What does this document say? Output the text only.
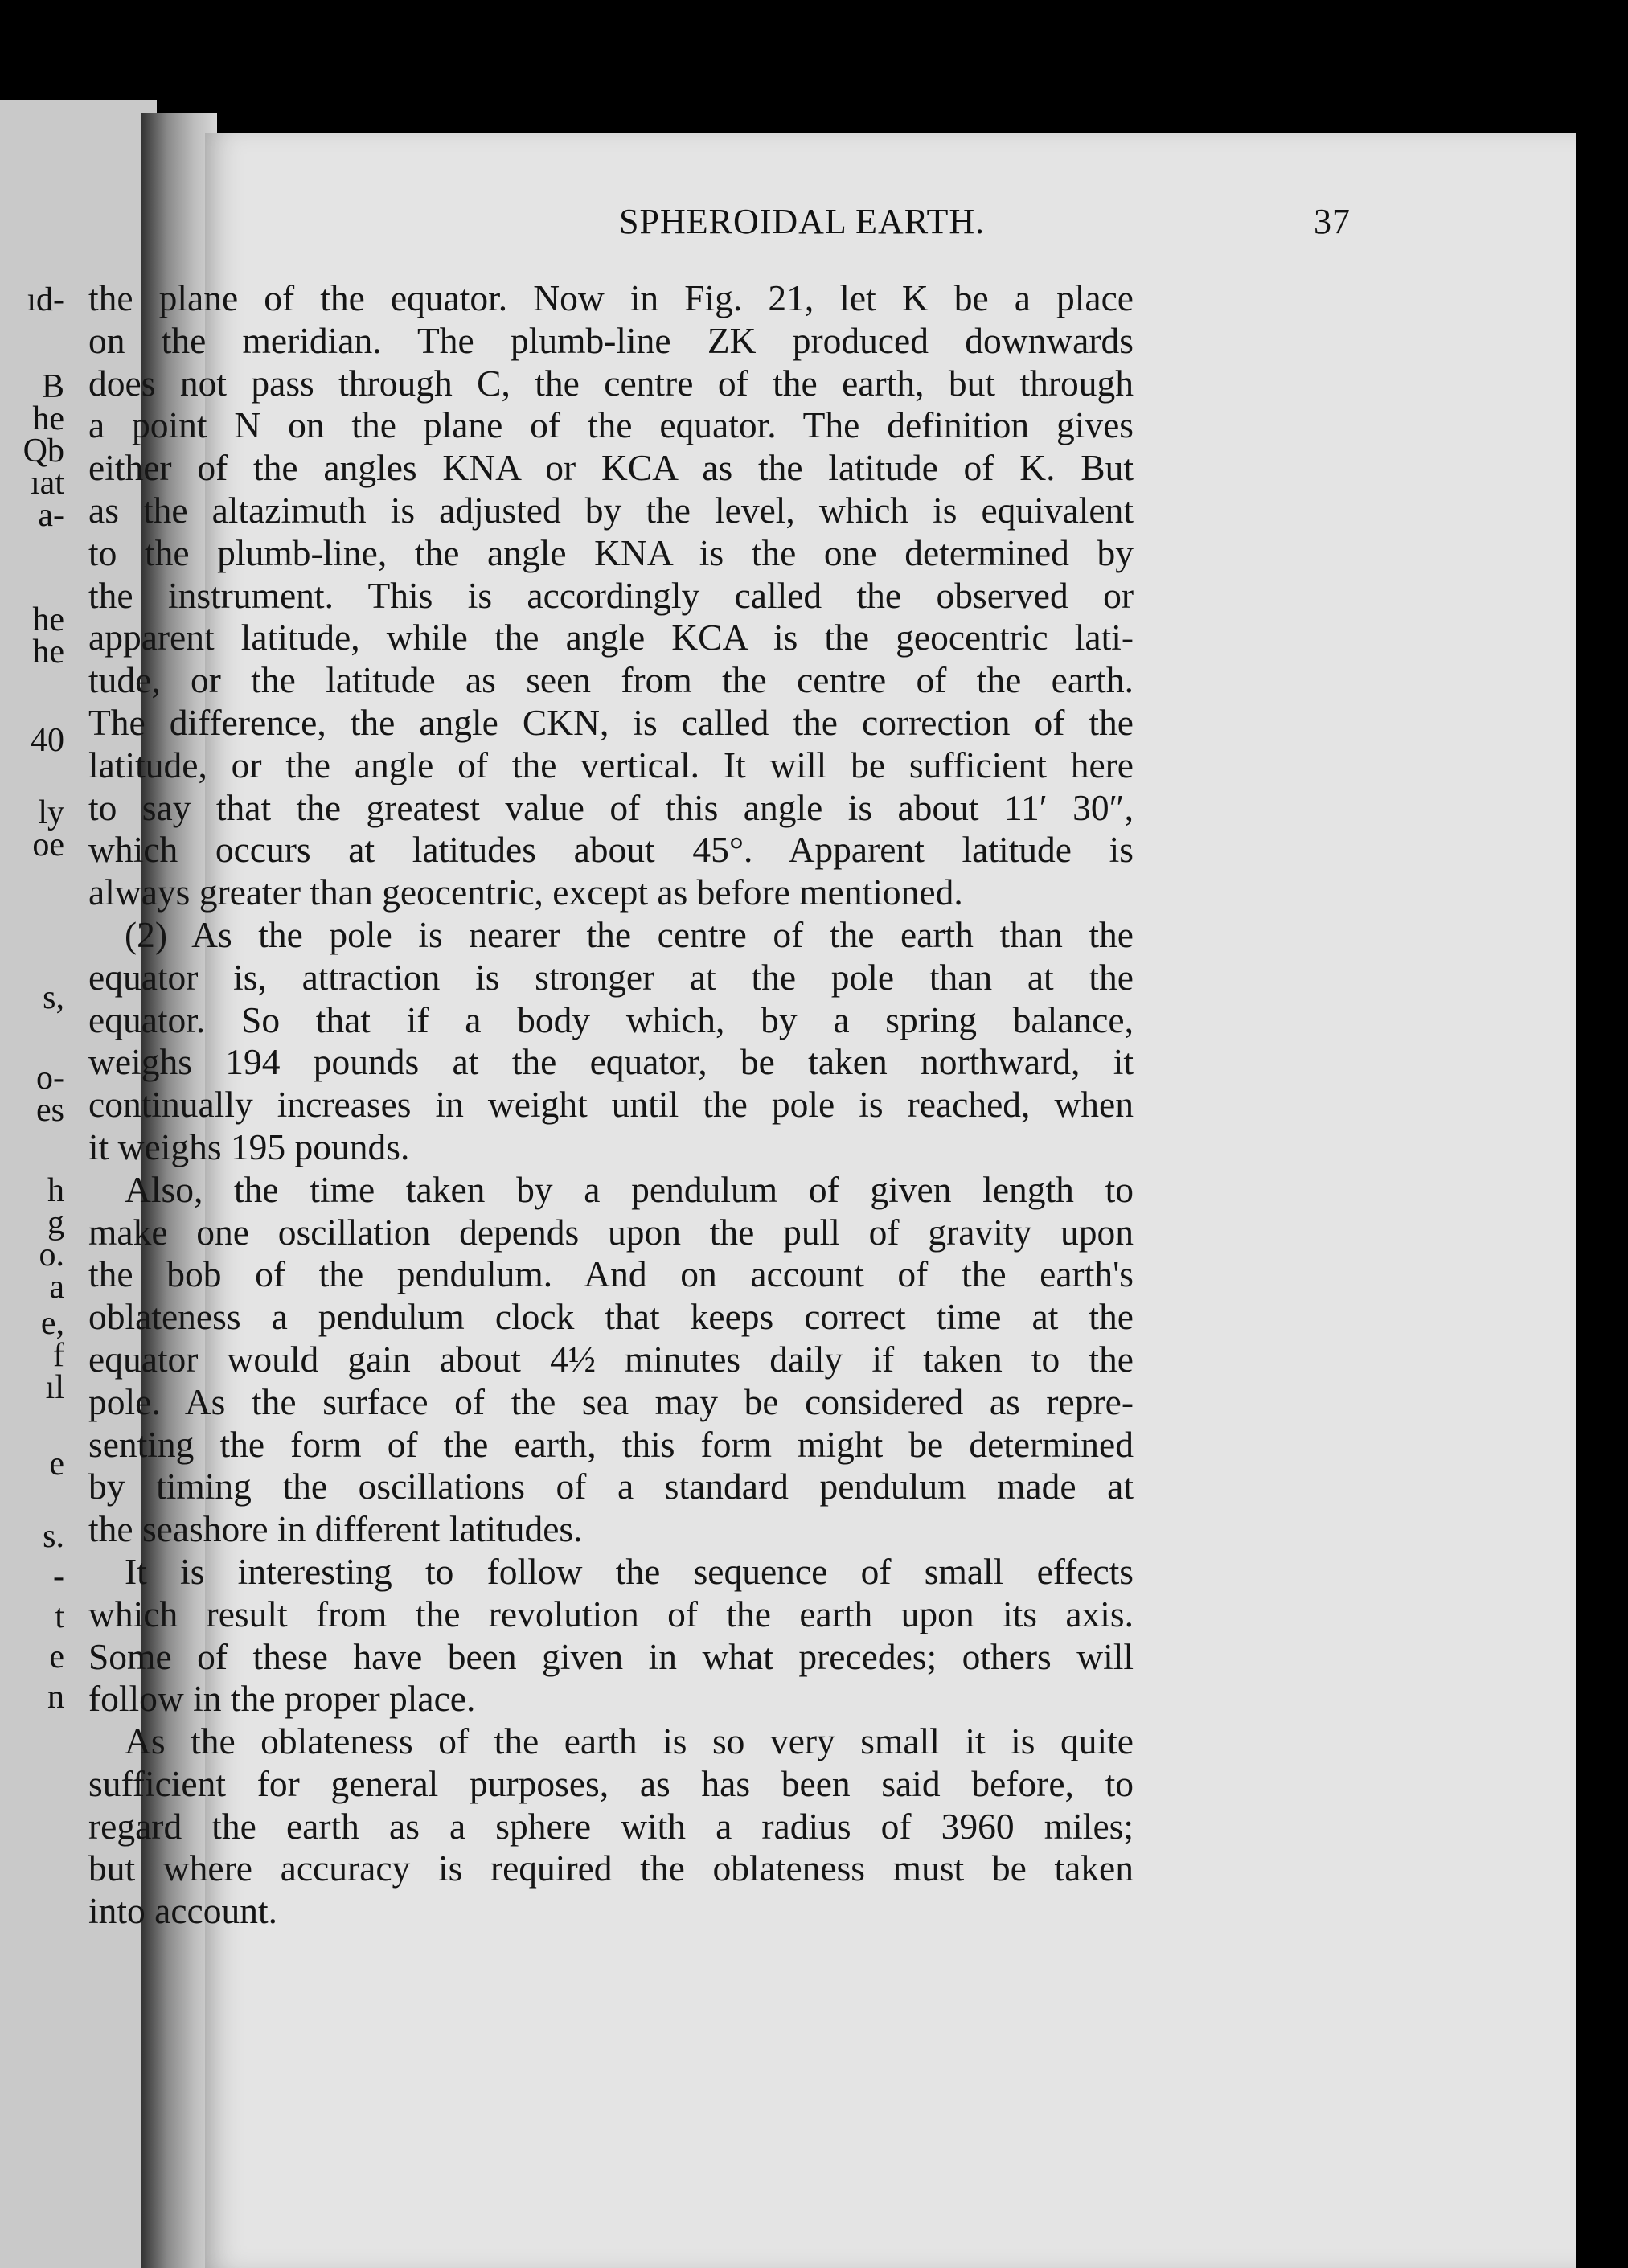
ıd-
B
he
Qb
ıat
a-
he
he
40
ly
oe
s,
o-
es
h
g
o.
a
e,
f
ıl
e
s.
-
t
e
n
SPHEROIDAL EARTH.	37
the plane of the equator. Now in Fig. 21, let K be a place
on the meridian. The plumb-line ZK produced downwards
does not pass through C, the centre of the earth, but through
a point N on the plane of the equator. The definition gives
either of the angles KNA or KCA as the latitude of K. But
as the altazimuth is adjusted by the level, which is equivalent
to the plumb-line, the angle KNA is the one determined by
the instrument. This is accordingly called the observed or
apparent latitude, while the angle KCA is the geocentric lati-
tude, or the latitude as seen from the centre of the earth.
The difference, the angle CKN, is called the correction of the
latitude, or the angle of the vertical. It will be sufficient here
to say that the greatest value of this angle is about 11′ 30″,
which occurs at latitudes about 45°. Apparent latitude is
always greater than geocentric, except as before mentioned.
(2) As the pole is nearer the centre of the earth than the
equator is, attraction is stronger at the pole than at the
equator. So that if a body which, by a spring balance,
weighs 194 pounds at the equator, be taken northward, it
continually increases in weight until the pole is reached, when
it weighs 195 pounds.
Also, the time taken by a pendulum of given length to
make one oscillation depends upon the pull of gravity upon
the bob of the pendulum. And on account of the earth's
oblateness a pendulum clock that keeps correct time at the
equator would gain about 4½ minutes daily if taken to the
pole. As the surface of the sea may be considered as repre-
senting the form of the earth, this form might be determined
by timing the oscillations of a standard pendulum made at
the seashore in different latitudes.
It is interesting to follow the sequence of small effects
which result from the revolution of the earth upon its axis.
Some of these have been given in what precedes; others will
follow in the proper place.
As the oblateness of the earth is so very small it is quite
sufficient for general purposes, as has been said before, to
regard the earth as a sphere with a radius of 3960 miles;
but where accuracy is required the oblateness must be taken
into account.
